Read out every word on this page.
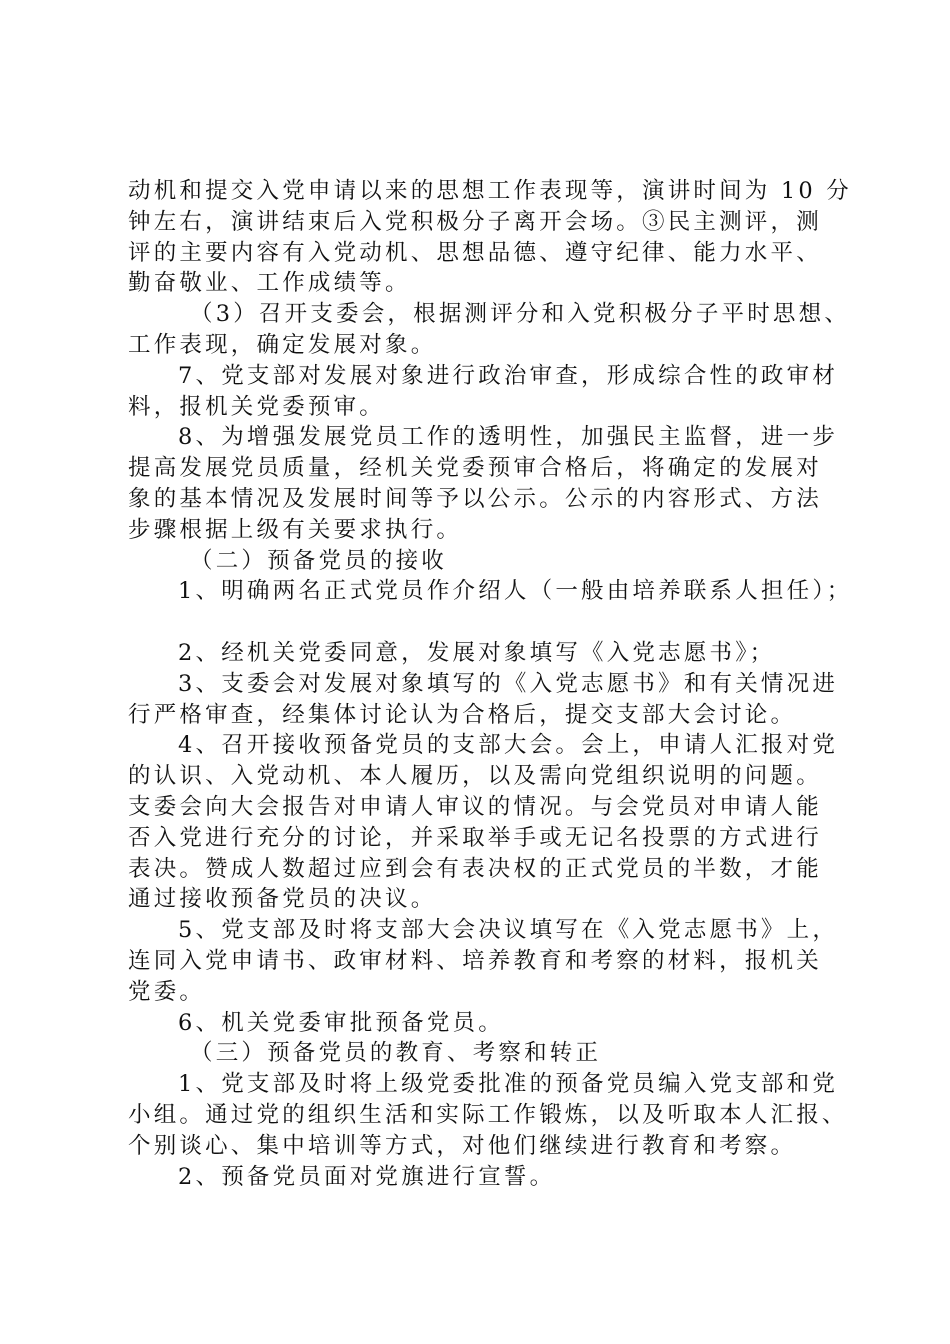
动机和提交入党申请以来的思想工作表现等，演讲时间为 10 分
钟左右，演讲结束后入党积极分子离开会场。③民主测评，测
评的主要内容有入党动机、思想品德、遵守纪律、能力水平、
勤奋敬业、工作成绩等。
（3）召开支委会，根据测评分和入党积极分子平时思想、
工作表现，确定发展对象。
7、党支部对发展对象进行政治审查，形成综合性的政审材
料，报机关党委预审。
8、为增强发展党员工作的透明性，加强民主监督，进一步
提高发展党员质量，经机关党委预审合格后，将确定的发展对
象的基本情况及发展时间等予以公示。公示的内容形式、方法
步骤根据上级有关要求执行。
（二）预备党员的接收
1、明确两名正式党员作介绍人（一般由培养联系人担任）；
2、经机关党委同意，发展对象填写《入党志愿书》；
3、支委会对发展对象填写的《入党志愿书》和有关情况进
行严格审查，经集体讨论认为合格后，提交支部大会讨论。
4、召开接收预备党员的支部大会。会上，申请人汇报对党
的认识、入党动机、本人履历，以及需向党组织说明的问题。
支委会向大会报告对申请人审议的情况。与会党员对申请人能
否入党进行充分的讨论，并采取举手或无记名投票的方式进行
表决。赞成人数超过应到会有表决权的正式党员的半数，才能
通过接收预备党员的决议。
5、党支部及时将支部大会决议填写在《入党志愿书》上，
连同入党申请书、政审材料、培养教育和考察的材料，报机关
党委。
6、机关党委审批预备党员。
（三）预备党员的教育、考察和转正
1、党支部及时将上级党委批准的预备党员编入党支部和党
小组。通过党的组织生活和实际工作锻炼，以及听取本人汇报、
个别谈心、集中培训等方式，对他们继续进行教育和考察。
2、预备党员面对党旗进行宣誓。
